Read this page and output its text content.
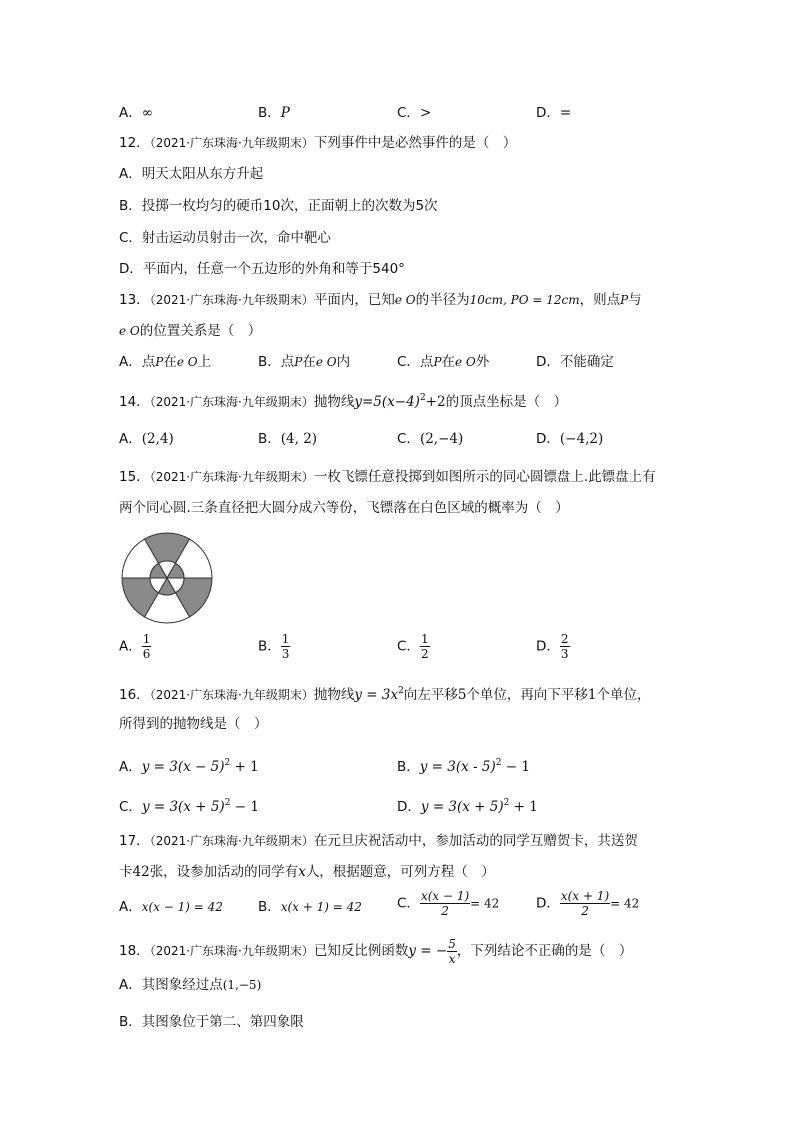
A．∞	B．P	C．>	D．=
12．（2021·广东珠海·九年级期末）下列事件中是必然事件的是（　）
A．明天太阳从东方升起
B．投掷一枚均匀的硬币10次，正面朝上的次数为5次
C．射击运动员射击一次，命中靶心
D．平面内，任意一个五边形的外角和等于540°
13．（2021·广东珠海·九年级期末）平面内，已知e O的半径为10cm, PO = 12cm，则点P与
e O的位置关系是（　）
A．点P在e O上	B．点P在e O内	C．点P在e O外	D．不能确定
14．（2021·广东珠海·九年级期末）抛物线$y=5(x-4)^2+2$的顶点坐标是（　）
A．(2,4)	B．(4, 2)	C．(2,−4)	D．(−4,2)
15．（2021·广东珠海·九年级期末）一枚飞镖任意投掷到如图所示的同心圆镖盘上.此镖盘上有
两个同心圆.三条直径把大圆分成六等份，飞镖落在白色区域的概率为（　）
A． $\frac{1}{6}$	B． $\frac{1}{3}$	C． $\frac{1}{2}$	D． $\frac{2}{3}$
16．（2021·广东珠海·九年级期末）抛物线$y = 3x^2$向左平移5个单位，再向下平移1个单位，
所得到的抛物线是（　）
A．$y = 3(x - 5)^2 + 1$	B．y = 3(x - 5)$^2$ − 1
C．$y = 3(x + 5)^2 - 1$	D．$y = 3(x + 5)^2 + 1$
17．（2021·广东珠海·九年级期末）在元旦庆祝活动中，参加活动的同学互赠贺卡，共送贺
卡42张，设参加活动的同学有x人，根据题意，可列方程（　）
A．x(x − 1) = 42	B．x(x + 1) = 42	C． $\frac{x(x - 1)}{2} = 42$	D． $\frac{x(x + 1)}{2} = 42$
18．（2021·广东珠海·九年级期末）已知反比例函数y = − $\frac{5}{x}$ ，下列结论不正确的是（　）
A．其图象经过点(1,−5)
B．其图象位于第二、第四象限
